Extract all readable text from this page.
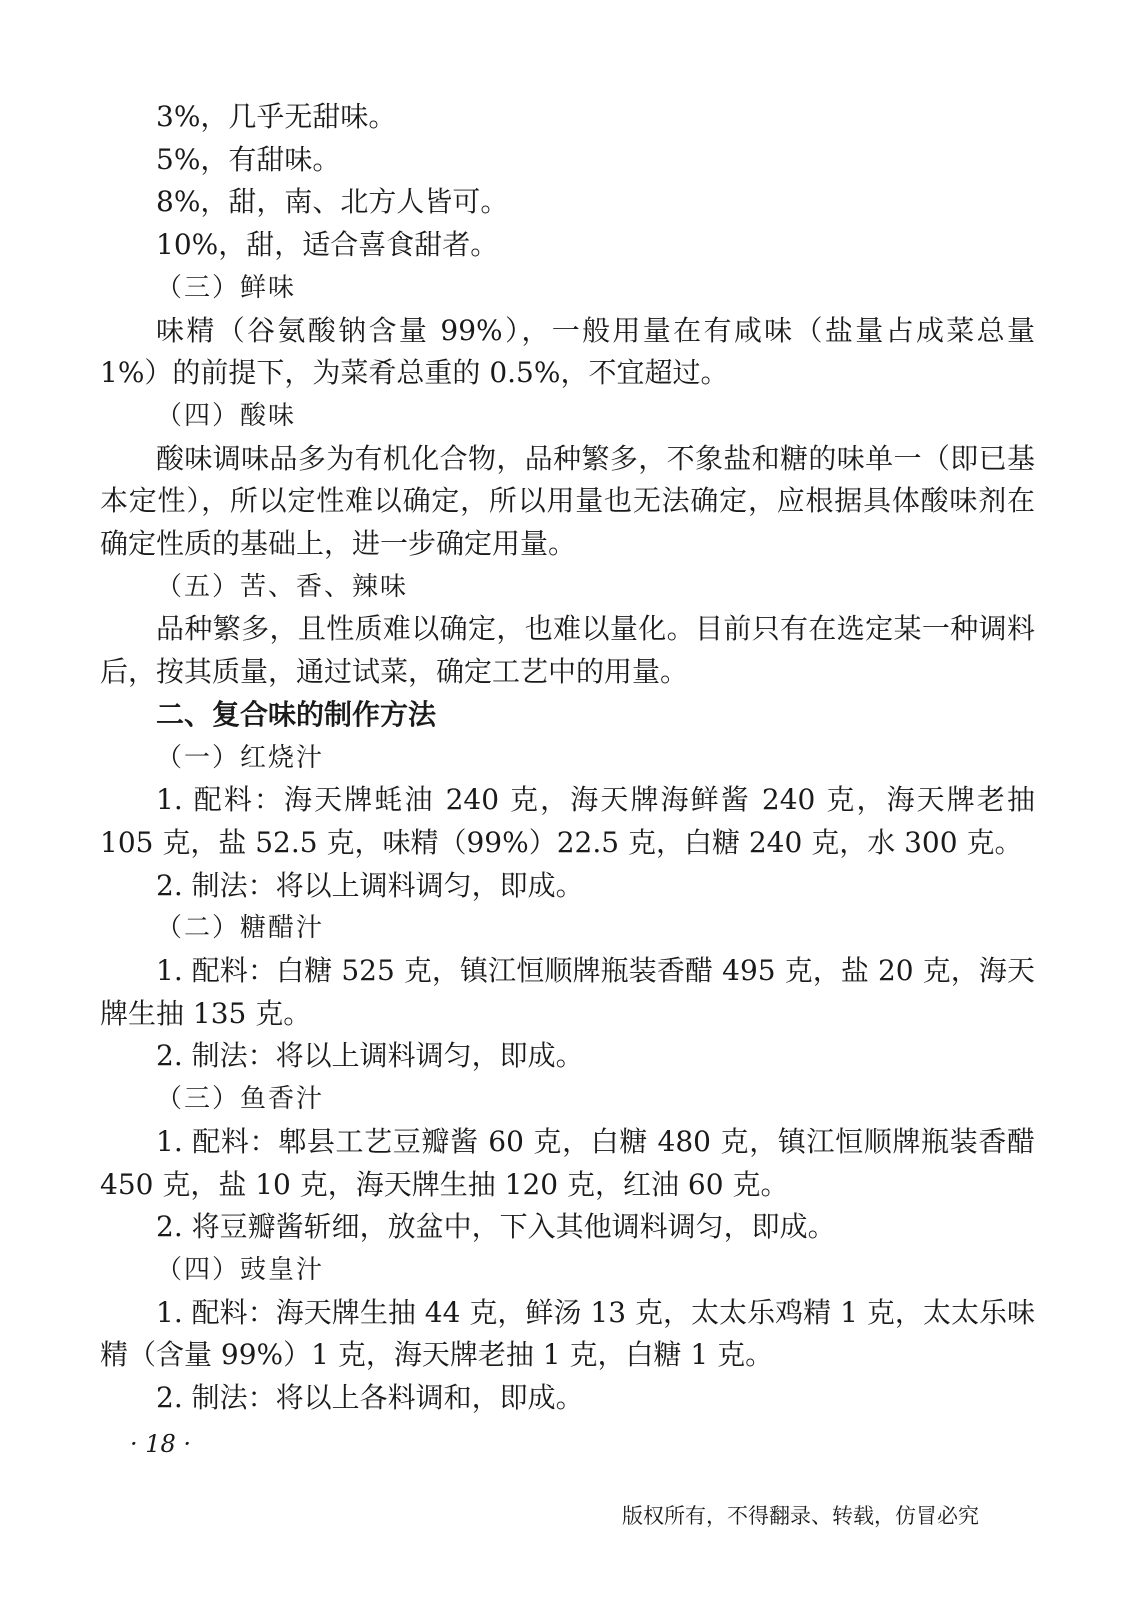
3%，几乎无甜味。

5%，有甜味。

8%，甜，南、北方人皆可。

10%，甜，适合喜食甜者。

（三）鲜味

味精（谷氨酸钠含量 99%），一般用量在有咸味（盐量占成菜总量 1%）的前提下，为菜肴总重的 0.5%，不宜超过。

（四）酸味

酸味调味品多为有机化合物，品种繁多，不象盐和糖的味单一（即已基本定性），所以定性难以确定，所以用量也无法确定，应根据具体酸味剂在确定性质的基础上，进一步确定用量。

（五）苦、香、辣味

品种繁多，且性质难以确定，也难以量化。目前只有在选定某一种调料后，按其质量，通过试菜，确定工艺中的用量。

二、复合味的制作方法

（一）红烧汁

1. 配料：海天牌蚝油 240 克，海天牌海鲜酱 240 克，海天牌老抽 105 克，盐 52.5 克，味精（99%）22.5 克，白糖 240 克，水 300 克。

2. 制法：将以上调料调匀，即成。

（二）糖醋汁

1. 配料：白糖 525 克，镇江恒顺牌瓶装香醋 495 克，盐 20 克，海天牌生抽 135 克。

2. 制法：将以上调料调匀，即成。

（三）鱼香汁

1. 配料：郫县工艺豆瓣酱 60 克，白糖 480 克，镇江恒顺牌瓶装香醋 450 克，盐 10 克，海天牌生抽 120 克，红油 60 克。

2. 将豆瓣酱斩细，放盆中，下入其他调料调匀，即成。

（四）豉皇汁

1. 配料：海天牌生抽 44 克，鲜汤 13 克，太太乐鸡精 1 克，太太乐味精（含量 99%）1 克，海天牌老抽 1 克，白糖 1 克。

2. 制法：将以上各料调和，即成。

· 18 ·
版权所有，不得翻录、转载，仿冒必究
